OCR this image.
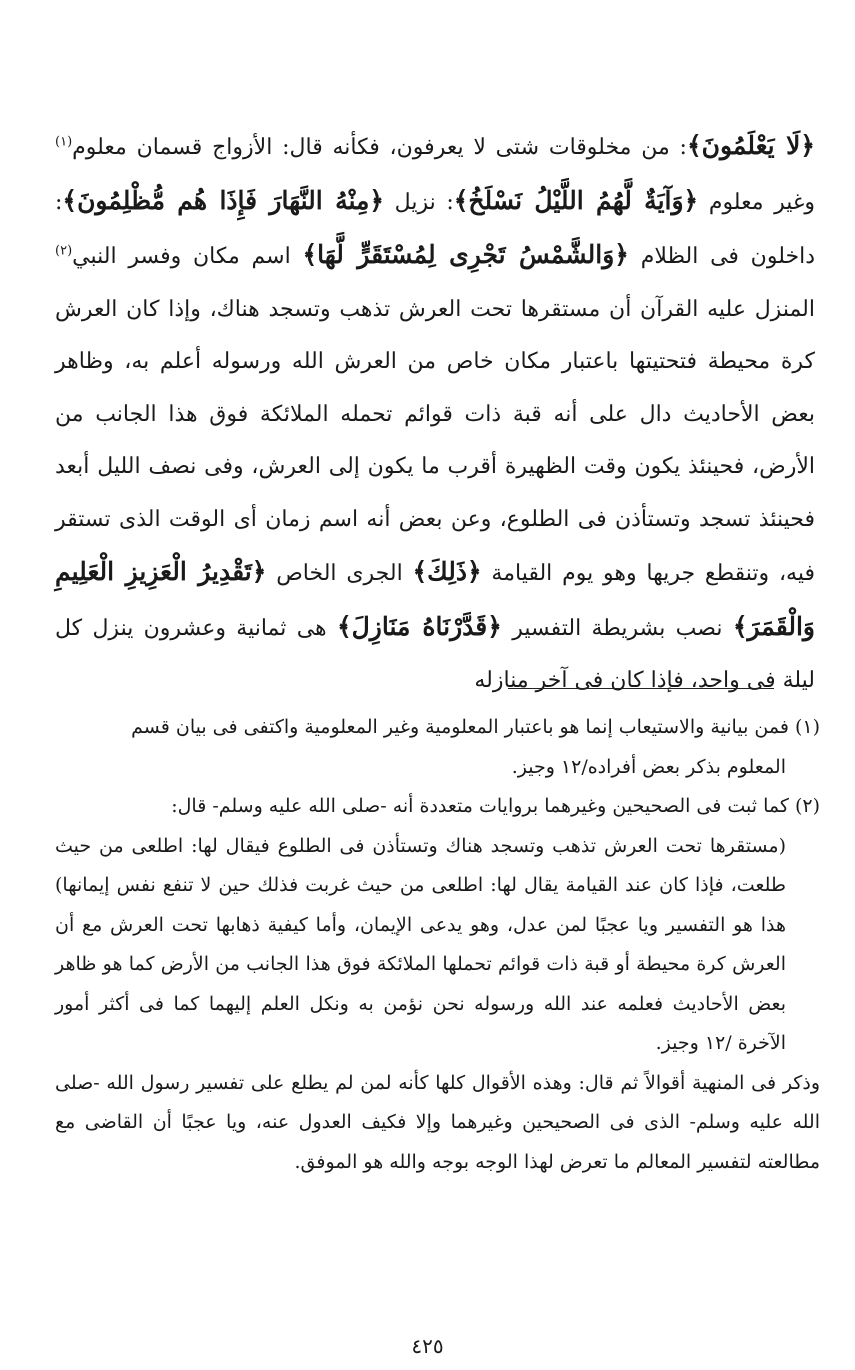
﴿لَا يَعْلَمُونَ﴾: من مخلوقات شتى لا يعرفون، فكأنه قال: الأزواج قسمان معلوم$^{(١)}$ وغير معلوم ﴿وَآيَةٌ لَّهُمُ اللَّيْلُ نَسْلَخُ﴾: نزيل ﴿مِنْهُ النَّهَارَ فَإِذَا هُم مُّظْلِمُونَ﴾: داخلون فى الظلام ﴿وَالشَّمْسُ تَجْرِى لِمُسْتَقَرٍّ لَّهَا﴾ اسم مكان وفسر النبي$^{(٢)}$ المنزل عليه القرآن أن مستقرها تحت العرش تذهب وتسجد هناك، وإذا كان العرش كرة محيطة فتحتيتها باعتبار مكان خاص من العرش الله ورسوله أعلم به، وظاهر بعض الأحاديث دال على أنه قبة ذات قوائم تحمله الملائكة فوق هذا الجانب من الأرض، فحينئذ يكون وقت الظهيرة أقرب ما يكون إلى العرش، وفى نصف الليل أبعد فحينئذ تسجد وتستأذن فى الطلوع، وعن بعض أنه اسم زمان أى الوقت الذى تستقر فيه، وتنقطع جريها وهو يوم القيامة ﴿ذَلِكَ﴾ الجرى الخاص ﴿تَقْدِيرُ الْعَزِيزِ الْعَلِيمِ وَالْقَمَرَ﴾ نصب بشريطة التفسير ﴿قَدَّرْنَاهُ مَنَازِلَ﴾ هى ثمانية وعشرون ينزل كل ليلة فى واحد، فإذا كان فى آخر منازله

(١)فمن بيانية والاستيعاب إنما هو باعتبار المعلومية وغير المعلومية واكتفى فى بيان قسم
المعلوم بذكر بعض أفراده/١٢ وجيز.

(٢)كما ثبت فى الصحيحين وغيرهما بروايات متعددة أنه -صلى الله عليه وسلم- قال:
(مستقرها تحت العرش تذهب وتسجد هناك وتستأذن فى الطلوع فيقال لها: اطلعى من حيث طلعت، فإذا كان عند القيامة يقال لها: اطلعى من حيث غربت فذلك حين لا تنفع نفس إيمانها) هذا هو التفسير ويا عجبًا لمن عدل، وهو يدعى الإيمان، وأما كيفية ذهابها تحت العرش مع أن العرش كرة محيطة أو قبة ذات قوائم تحملها الملائكة فوق هذا الجانب من الأرض كما هو ظاهر بعض الأحاديث فعلمه عند الله ورسوله نحن نؤمن به ونكل العلم إليهما كما فى أكثر أمور الآخرة /١٢ وجيز.

وذكر فى المنهية أقوالاً ثم قال: وهذه الأقوال كلها كأنه لمن لم يطلع على تفسير رسول الله -صلى الله عليه وسلم- الذى فى الصحيحين وغيرهما وإلا فكيف العدول عنه، ويا عجبًا أن القاضى مع مطالعته لتفسير المعالم ما تعرض لهذا الوجه بوجه والله هو الموفق.

٤٢٥
